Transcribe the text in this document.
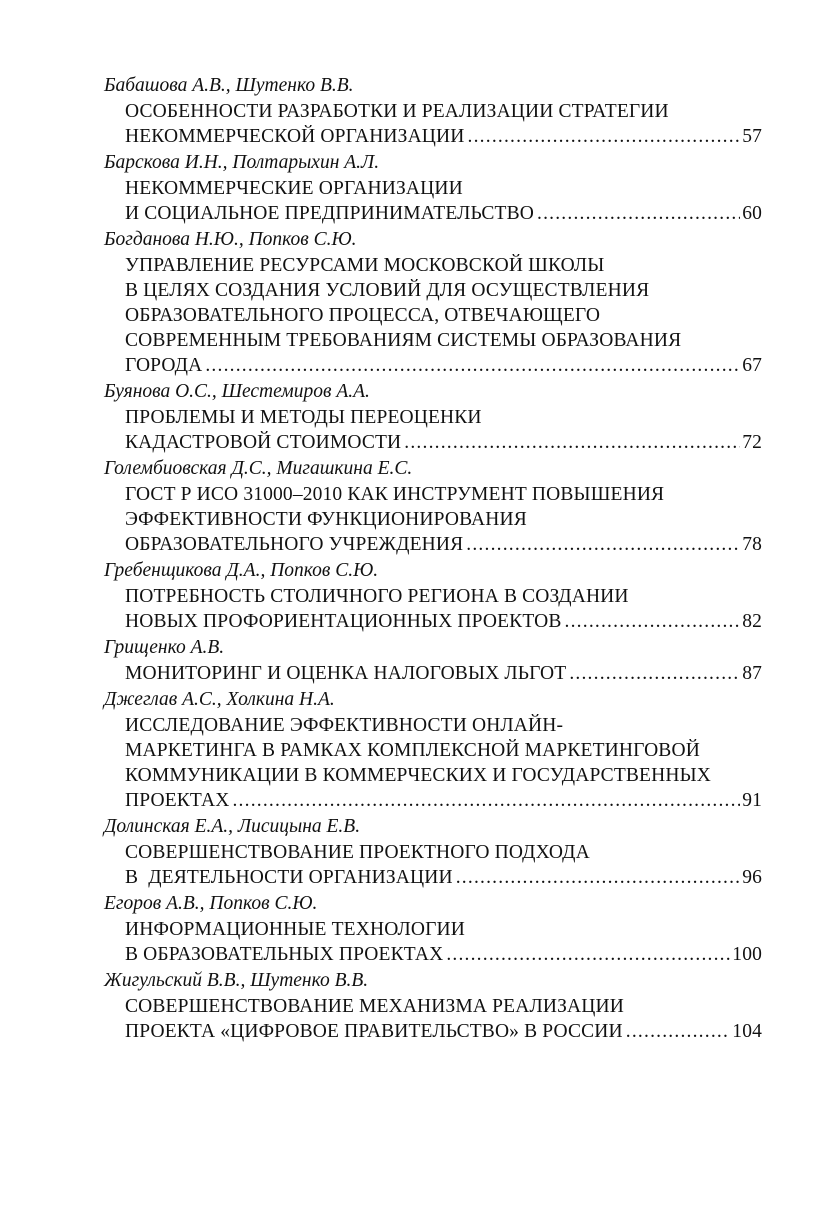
Бабашова А.В., Шутенко В.В.
ОСОБЕННОСТИ РАЗРАБОТКИ И РЕАЛИЗАЦИИ СТРАТЕГИИ
НЕКОММЕРЧЕСКОЙ ОРГАНИЗАЦИИ .....	57
Барскова И.Н., Полтарыхин А.Л.
НЕКОММЕРЧЕСКИЕ ОРГАНИЗАЦИИ
И СОЦИАЛЬНОЕ ПРЕДПРИНИМАТЕЛЬСТВО .....	60
Богданова Н.Ю., Попков С.Ю.
УПРАВЛЕНИЕ РЕСУРСАМИ МОСКОВСКОЙ ШКОЛЫ
В ЦЕЛЯХ СОЗДАНИЯ УСЛОВИЙ ДЛЯ ОСУЩЕСТВЛЕНИЯ
ОБРАЗОВАТЕЛЬНОГО ПРОЦЕССА, ОТВЕЧАЮЩЕГО
СОВРЕМЕННЫМ ТРЕБОВАНИЯМ СИСТЕМЫ ОБРАЗОВАНИЯ
ГОРОДА .....	67
Буянова О.С., Шестемиров А.А.
ПРОБЛЕМЫ И МЕТОДЫ ПЕРЕОЦЕНКИ
КАДАСТРОВОЙ СТОИМОСТИ .....	72
Голембиовская Д.С., Мигашкина Е.С.
ГОСТ Р ИСО 31000–2010 КАК ИНСТРУМЕНТ ПОВЫШЕНИЯ
ЭФФЕКТИВНОСТИ ФУНКЦИОНИРОВАНИЯ
ОБРАЗОВАТЕЛЬНОГО УЧРЕЖДЕНИЯ .....	78
Гребенщикова Д.А., Попков С.Ю.
ПОТРЕБНОСТЬ СТОЛИЧНОГО РЕГИОНА В СОЗДАНИИ
НОВЫХ ПРОФОРИЕНТАЦИОННЫХ ПРОЕКТОВ .....	82
Грищенко А.В.
МОНИТОРИНГ И ОЦЕНКА НАЛОГОВЫХ ЛЬГОТ .....	87
Джеглав А.С., Холкина Н.А.
ИССЛЕДОВАНИЕ ЭФФЕКТИВНОСТИ ОНЛАЙН-
МАРКЕТИНГА В РАМКАХ КОМПЛЕКСНОЙ МАРКЕТИНГОВОЙ
КОММУНИКАЦИИ В КОММЕРЧЕСКИХ И ГОСУДАРСТВЕННЫХ
ПРОЕКТАХ .....	91
Долинская Е.А., Лисицына Е.В.
СОВЕРШЕНСТВОВАНИЕ ПРОЕКТНОГО ПОДХОДА
В  ДЕЯТЕЛЬНОСТИ ОРГАНИЗАЦИИ .....	96
Егоров А.В., Попков С.Ю.
ИНФОРМАЦИОННЫЕ ТЕХНОЛОГИИ
В ОБРАЗОВАТЕЛЬНЫХ ПРОЕКТАХ .....	100
Жигульский В.В., Шутенко В.В.
СОВЕРШЕНСТВОВАНИЕ МЕХАНИЗМА РЕАЛИЗАЦИИ
ПРОЕКТА «ЦИФРОВОЕ ПРАВИТЕЛЬСТВО» В РОССИИ .....	104
